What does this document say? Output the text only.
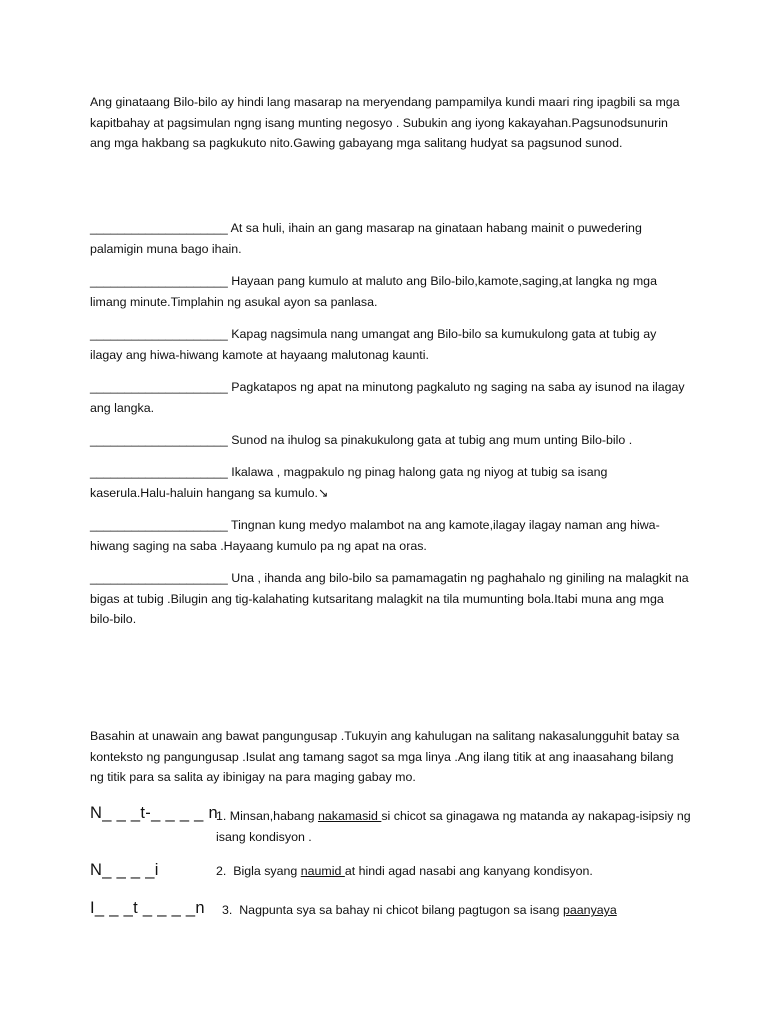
Ang ginataang Bilo-bilo ay hindi lang masarap na meryendang pampamilya kundi maari ring ipagbili sa mga kapitbahay at pagsimulan ngng isang munting negosyo . Subukin ang iyong kakayahan.Pagsunodsunurin ang mga hakbang sa pagkukuto nito.Gawing gabayang mga salitang hudyat sa pagsunod sunod.

____________________ At sa huli, ihain an gang masarap na ginataan habang mainit o puwedering palamigin muna bago ihain.

____________________ Hayaan pang kumulo at maluto ang Bilo-bilo,kamote,saging,at langka ng mga limang minute.Timplahin ng asukal ayon sa panlasa.

____________________ Kapag nagsimula nang umangat ang Bilo-bilo sa kumukulong gata at tubig ay ilagay ang hiwa-hiwang kamote at hayaang malutonag kaunti.

____________________ Pagkatapos ng apat na minutong pagkaluto ng saging na saba ay isunod na ilagay ang langka.

____________________ Sunod na ihulog sa pinakukulong gata at tubig ang mum unting Bilo-bilo .

____________________ Ikalawa , magpakulo ng pinag halong gata ng niyog at tubig sa isang kaserula.Halu-haluin hangang sa kumulo.↘

____________________ Tingnan kung medyo malambot na ang kamote,ilagay ilagay naman ang hiwa-hiwang saging na saba .Hayaang kumulo pa ng apat na oras.

____________________ Una , ihanda ang bilo-bilo sa pamamagatin ng paghahalo ng giniling na malagkit na bigas at tubig .Bilugin ang tig-kalahating kutsaritang malagkit na tila mumunting bola.Itabi muna ang mga bilo-bilo.

Basahin at unawain ang bawat pangungusap .Tukuyin ang kahulugan na salitang nakasalungguhit batay sa konteksto ng pangungusap .Isulat ang tamang sagot sa mga linya .Ang ilang titik at ang inaasahang bilang ng titik para sa salita ay ibinigay na para maging gabay mo.

N_ _ _t-_ _ _ _ n
1. Minsan,habang nakamasid si chicot sa ginagawa ng matanda ay nakapag-isipsiy ng isang kondisyon .
N_ _ _ _i	2. Bigla syang naumid at hindi agad nasabi ang kanyang kondisyon.
I_ _ _t _ _ _ _n 3. Nagpunta sya sa bahay ni chicot bilang pagtugon sa isang paanyaya
